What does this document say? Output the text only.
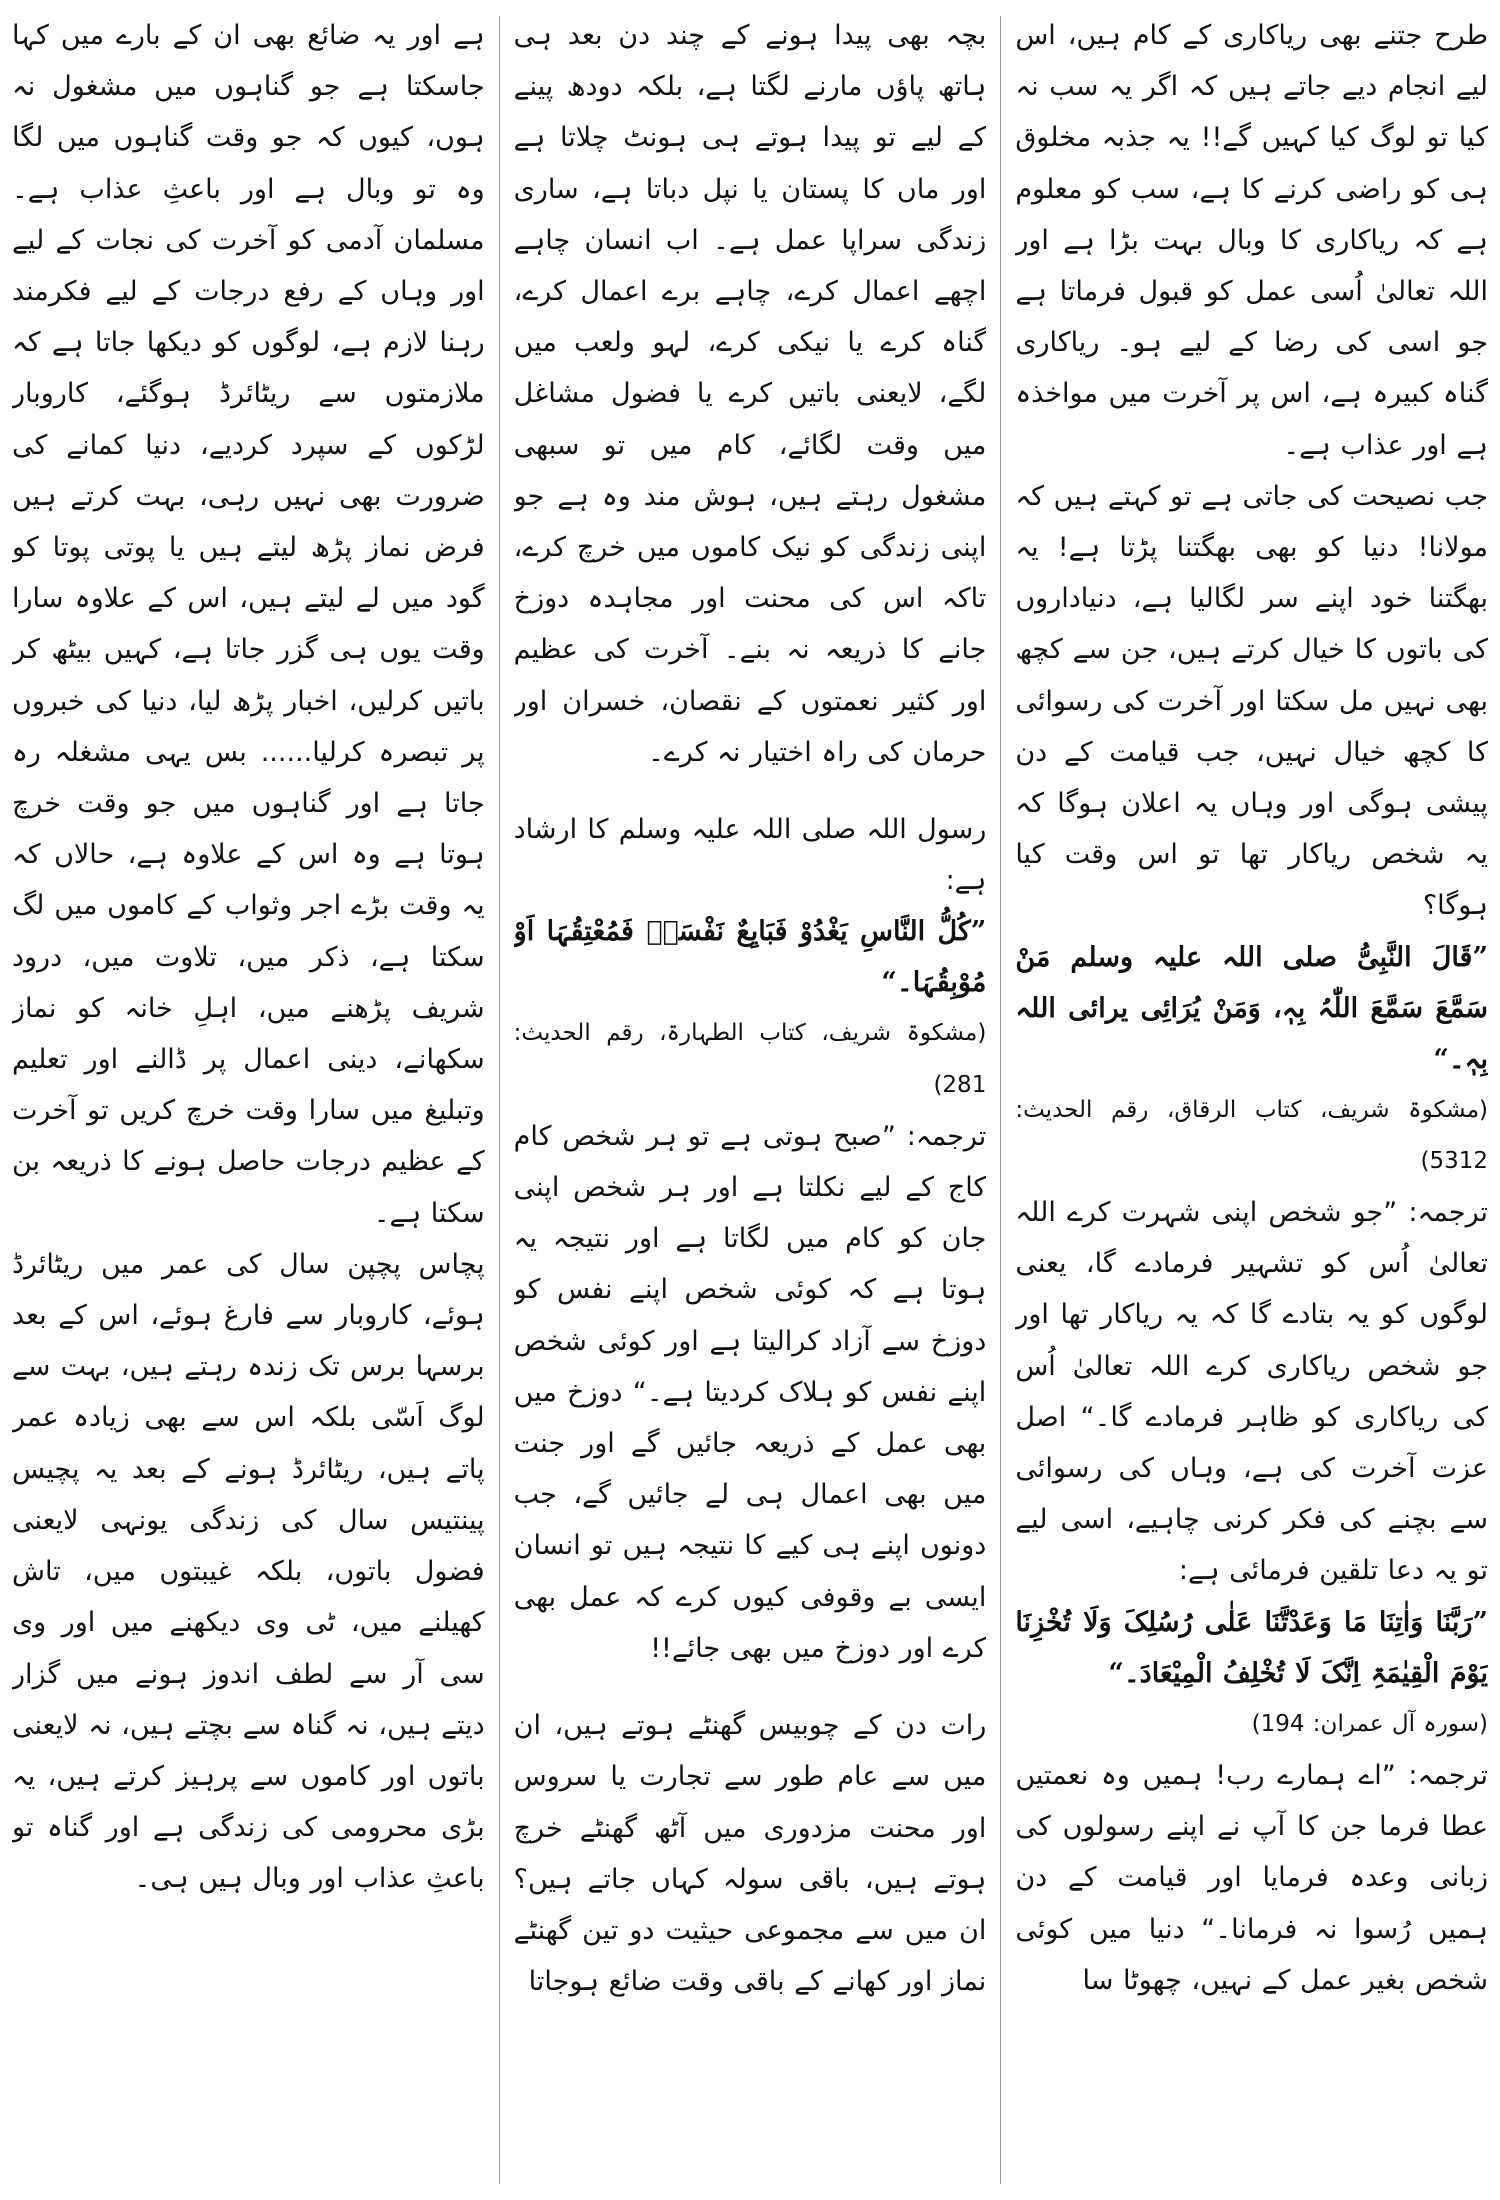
طرح جتنے بھی ریاکاری کے کام ہیں، اس لیے انجام دیے جاتے ہیں کہ اگر یہ سب نہ کیا تو لوگ کیا کہیں گے!! یہ جذبہ مخلوق ہی کو راضی کرنے کا ہے، سب کو معلوم ہے کہ ریاکاری کا وبال بہت بڑا ہے اور اللہ تعالیٰ اُسی عمل کو قبول فرماتا ہے جو اسی کی رضا کے لیے ہو۔ ریاکاری گناہ کبیرہ ہے، اس پر آخرت میں مواخذہ ہے اور عذاب ہے۔

جب نصیحت کی جاتی ہے تو کہتے ہیں کہ مولانا! دنیا کو بھی بھگتنا پڑتا ہے! یہ بھگتنا خود اپنے سر لگالیا ہے، دنیاداروں کی باتوں کا خیال کرتے ہیں، جن سے کچھ بھی نہیں مل سکتا اور آخرت کی رسوائی کا کچھ خیال نہیں، جب قیامت کے دن پیشی ہوگی اور وہاں یہ اعلان ہوگا کہ یہ شخص ریاکار تھا تو اس وقت کیا ہوگا؟

”قَالَ النَّبِیُّ صلی اللہ علیہ وسلم مَنْ سَمَّعَ سَمَّعَ اللّٰہُ بِہٖ، وَمَنْ یُرَائِی یرائی اللہ بِہٖ۔“

(مشکوۃ شریف، کتاب الرقاق، رقم الحدیث: 5312)

ترجمہ: ”جو شخص اپنی شہرت کرے اللہ تعالیٰ اُس کو تشہیر فرمادے گا، یعنی لوگوں کو یہ بتادے گا کہ یہ ریاکار تھا اور جو شخص ریاکاری کرے اللہ تعالیٰ اُس کی ریاکاری کو ظاہر فرمادے گا۔“ اصل عزت آخرت کی ہے، وہاں کی رسوائی سے بچنے کی فکر کرنی چاہیے، اسی لیے تو یہ دعا تلقین فرمائی ہے:

”رَبَّنَا وَاٰتِنَا مَا وَعَدْتَّنَا عَلٰی رُسُلِکَ وَلَا تُخْزِنَا یَوْمَ الْقِیٰمَۃِ اِنَّکَ لَا تُخْلِفُ الْمِیْعَادَ۔“

(سورہ آل عمران: 194)

ترجمہ: ”اے ہمارے رب! ہمیں وہ نعمتیں عطا فرما جن کا آپ نے اپنے رسولوں کی زبانی وعدہ فرمایا اور قیامت کے دن ہمیں رُسوا نہ فرمانا۔“ دنیا میں کوئی شخص بغیر عمل کے نہیں، چھوٹا سا

بچہ بھی پیدا ہونے کے چند دن بعد ہی ہاتھ پاؤں مارنے لگتا ہے، بلکہ دودھ پینے کے لیے تو پیدا ہوتے ہی ہونٹ چلاتا ہے اور ماں کا پستان یا نپل دباتا ہے، ساری زندگی سراپا عمل ہے۔ اب انسان چاہے اچھے اعمال کرے، چاہے برے اعمال کرے، گناہ کرے یا نیکی کرے، لہو ولعب میں لگے، لایعنی باتیں کرے یا فضول مشاغل میں وقت لگائے، کام میں تو سبھی مشغول رہتے ہیں، ہوش مند وہ ہے جو اپنی زندگی کو نیک کاموں میں خرچ کرے، تاکہ اس کی محنت اور مجاہدہ دوزخ جانے کا ذریعہ نہ بنے۔ آخرت کی عظیم اور کثیر نعمتوں کے نقصان، خسران اور حرمان کی راہ اختیار نہ کرے۔

رسول اللہ صلی اللہ علیہ وسلم کا ارشاد ہے:

”کُلُّ النَّاسِ یَغْدُوْ فَبَایِعٌ نَفْسَہٗ فَمُعْتِقُہَا اَوْ مُوْبِقُہَا۔“

(مشکوۃ شریف، کتاب الطہارۃ، رقم الحدیث: 281)

ترجمہ: ”صبح ہوتی ہے تو ہر شخص کام کاج کے لیے نکلتا ہے اور ہر شخص اپنی جان کو کام میں لگاتا ہے اور نتیجہ یہ ہوتا ہے کہ کوئی شخص اپنے نفس کو دوزخ سے آزاد کرالیتا ہے اور کوئی شخص اپنے نفس کو ہلاک کردیتا ہے۔“ دوزخ میں بھی عمل کے ذریعہ جائیں گے اور جنت میں بھی اعمال ہی لے جائیں گے، جب دونوں اپنے ہی کیے کا نتیجہ ہیں تو انسان ایسی بے وقوفی کیوں کرے کہ عمل بھی کرے اور دوزخ میں بھی جائے!!

رات دن کے چوبیس گھنٹے ہوتے ہیں، ان میں سے عام طور سے تجارت یا سروس اور محنت مزدوری میں آٹھ گھنٹے خرچ ہوتے ہیں، باقی سولہ کہاں جاتے ہیں؟ ان میں سے مجموعی حیثیت دو تین گھنٹے نماز اور کھانے کے باقی وقت ضائع ہوجاتا

ہے اور یہ ضائع بھی ان کے بارے میں کہا جاسکتا ہے جو گناہوں میں مشغول نہ ہوں، کیوں کہ جو وقت گناہوں میں لگا وہ تو وبال ہے اور باعثِ عذاب ہے۔ مسلمان آدمی کو آخرت کی نجات کے لیے اور وہاں کے رفع درجات کے لیے فکرمند رہنا لازم ہے، لوگوں کو دیکھا جاتا ہے کہ ملازمتوں سے ریٹائرڈ ہوگئے، کاروبار لڑکوں کے سپرد کردیے، دنیا کمانے کی ضرورت بھی نہیں رہی، بہت کرتے ہیں فرض نماز پڑھ لیتے ہیں یا پوتی پوتا کو گود میں لے لیتے ہیں، اس کے علاوہ سارا وقت یوں ہی گزر جاتا ہے، کہیں بیٹھ کر باتیں کرلیں، اخبار پڑھ لیا، دنیا کی خبروں پر تبصرہ کرلیا...... بس یہی مشغلہ رہ جاتا ہے اور گناہوں میں جو وقت خرچ ہوتا ہے وہ اس کے علاوہ ہے، حالاں کہ یہ وقت بڑے اجر وثواب کے کاموں میں لگ سکتا ہے، ذکر میں، تلاوت میں، درود شریف پڑھنے میں، اہلِ خانہ کو نماز سکھانے، دینی اعمال پر ڈالنے اور تعلیم وتبلیغ میں سارا وقت خرچ کریں تو آخرت کے عظیم درجات حاصل ہونے کا ذریعہ بن سکتا ہے۔

پچاس پچپن سال کی عمر میں ریٹائرڈ ہوئے، کاروبار سے فارغ ہوئے، اس کے بعد برسہا برس تک زندہ رہتے ہیں، بہت سے لوگ اَسّی بلکہ اس سے بھی زیادہ عمر پاتے ہیں، ریٹائرڈ ہونے کے بعد یہ پچیس پینتیس سال کی زندگی یونہی لایعنی فضول باتوں، بلکہ غیبتوں میں، تاش کھیلنے میں، ٹی وی دیکھنے میں اور وی سی آر سے لطف اندوز ہونے میں گزار دیتے ہیں، نہ گناہ سے بچتے ہیں، نہ لایعنی باتوں اور کاموں سے پرہیز کرتے ہیں، یہ بڑی محرومی کی زندگی ہے اور گناہ تو باعثِ عذاب اور وبال ہیں ہی۔
